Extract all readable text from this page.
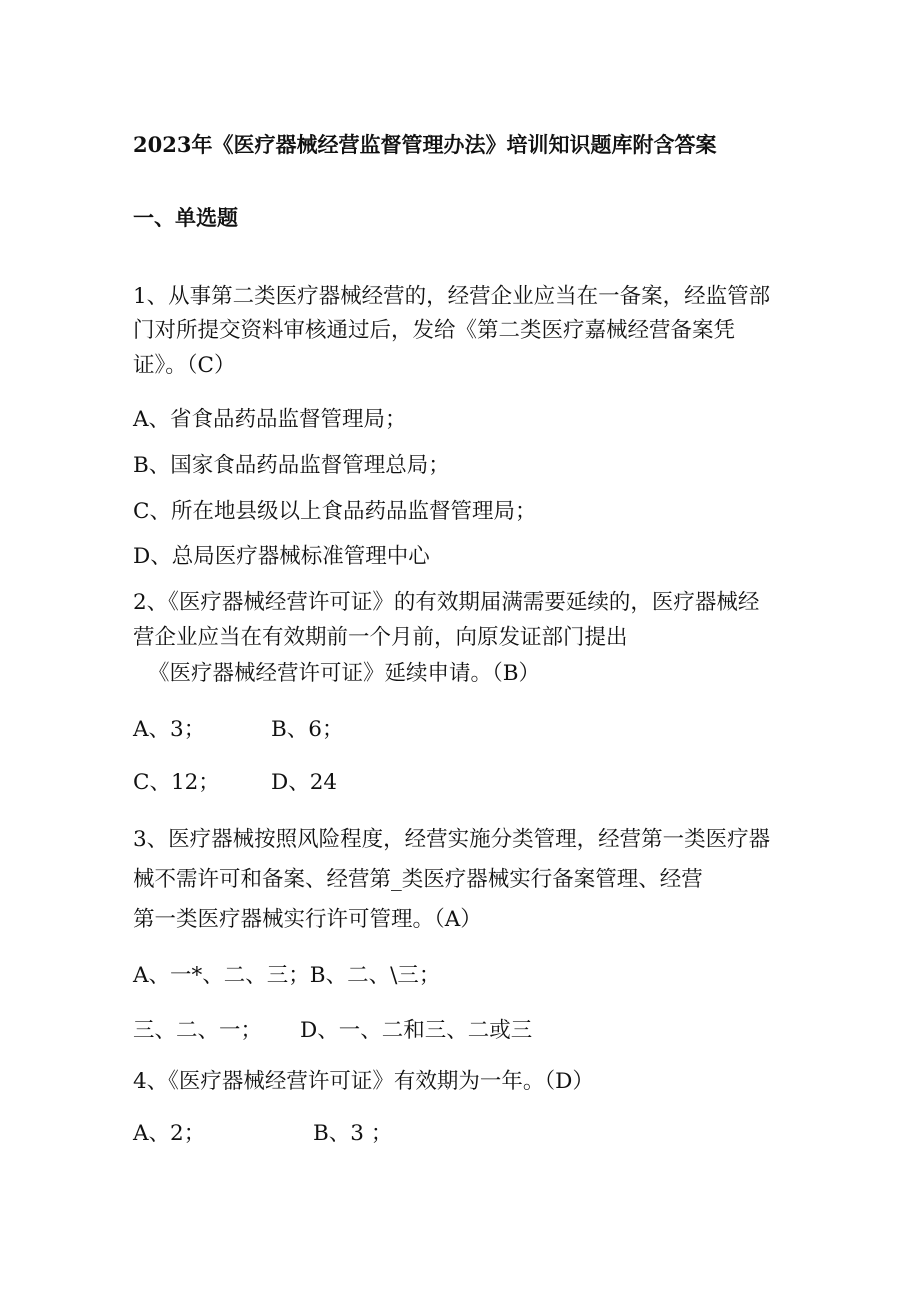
2023年《医疗器械经营监督管理办法》培训知识题库附含答案
一、单选题
1、从事第二类医疗器械经营的，经营企业应当在一备案，经监管部
门对所提交资料审核通过后，发给《第二类医疗嘉械经营备案凭
证》。（C）
A、省食品药品监督管理局；
B、国家食品药品监督管理总局；
C、所在地县级以上食品药品监督管理局；
D、总局医疗器械标准管理中心
2、《医疗器械经营许可证》的有效期届满需要延续的，医疗器械经
营企业应当在有效期前一个月前，向原发证部门提出
《医疗器械经营许可证》延续申请。（B）
A、3；	B、6；
C、12； D、24
3、医疗器械按照风险程度，经营实施分类管理，经营第一类医疗器
械不需许可和备案、经营第_类医疗器械实行备案管理、经营
第一类医疗器械实行许可管理。（A）
A、⼀*、二、三；B、二、\三；
三、二、一； D、一、二和三、二或三
4、《医疗器械经营许可证》有效期为一年。（D）
A、2；	B、3 ；
